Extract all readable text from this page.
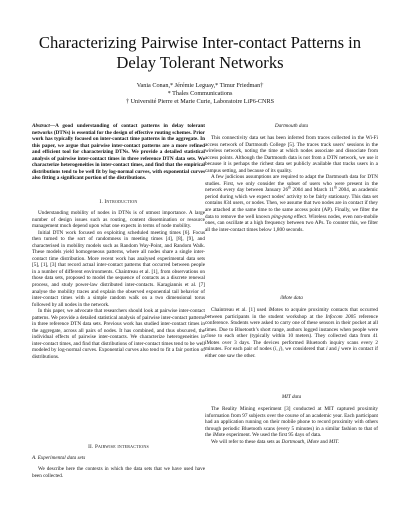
Characterizing Pairwise Inter-contact Patterns in Delay Tolerant Networks
Vania Conan,* Jérémie Leguay,* Timur Friedman†
* Thales Communications
† Université Pierre et Marie Curie, Laboratoire LiP6-CNRS

Abstract—A good understanding of contact patterns in delay tolerant networks (DTNs) is essential for the design of effective routing schemes. Prior work has typically focused on inter-contact time patterns in the aggregate. In this paper, we argue that pairwise inter-contact patterns are a more refined and efficient tool for characterizing DTNs. We provide a detailed statistical analysis of pairwise inter-contact times in three reference DTN data sets. We characterize heterogeneities in inter-contact times, and find that the empirical distributions tend to be well fit by log-normal curves, with exponential curves also fitting a significant portion of the distributions.

I. Introduction

Understanding mobility of nodes in DTNs is of utmost importance. A large number of design issues such as routing, content dissemination or resource management much depend upon what one expects in terms of node mobility.

Initial DTN work focused on exploiting scheduled meeting times [6]. Focus then turned to the sort of randomness in meeting times [4], [8], [9], and characterised in mobility models such as Random Way-Point, and Random Walk. These models yield homogeneous patterns, where all nodes share a single inter-contact time distribution. More recent work has analysed experimental data sets [5], [1], [3] that record actual inter-contact patterns that occurred between people in a number of different environments. Chaintreau et al. [1], from observations on those data sets, proposed to model the sequence of contacts as a discrete renewal process, and study power-law distributed inter-contacts. Karagiannis et al. [7] analyse the mobility traces and explain the observed exponential tail behavior of inter-contact times with a simple random walk on a two dimensional torus followed by all nodes in the network.

In this paper, we advocate that researchers should look at pairwise inter-contact patterns. We provide a detailed statistical analysis of pairwise inter-contact patterns in three reference DTN data sets. Previous work has studied inter-contact times in the aggregate, across all pairs of nodes. It has combined, and thus obscured, the individual effects of pairwise inter-contacts. We characterize heterogeneities in inter-contact times, and find that distributions of inter-contact times tend to be well modeled by log-normal curves. Exponential curves also tend to fit a fair portion of distributions.

II. Pairwise interactions
A. Experimental data sets

We describe here the contexts in which the data sets that we have used have been collected.

Dartmouth data

This connectivity data set has been inferred from traces collected in the Wi-Fi access network of Dartmouth College [5]. The traces track users’ sessions in the wireless network, noting the time at which nodes associate and dissociate from access points. Although the Dartmouth data is not from a DTN network, we use it because it is perhaps the richest data set publicly available that tracks users in a campus setting, and because of its quality.

A few judicious assumptions are required to adapt the Dartmouth data for DTN studies. First, we only consider the subset of users who were present in the network every day between January 26th 2004 and March 11th 2004, an academic period during which we expect nodes’ activity to be fairly stationary. This data set contains 834 users, or nodes. Then, we assume that two nodes are in contact if they are attached at the same time to the same access point (AP). Finally, we filter the data to remove the well known ping-pong effect. Wireless nodes, even non-mobile ones, can oscillate at a high frequency between two APs. To counter this, we filter all the inter-contact times below 1,800 seconds.

iMote data

Chaintreau et al. [1] used iMotes to acquire proximity contacts that occurred between participants in the student workshop at the Infocom 2005 reference conference. Students were asked to carry one of these sensors in their pocket at all times. Due to Bluetooth’s short range, authors logged instances when people were close to each other (typically within 10 meters). They collected data from 41 iMotes over 3 days. The devices performed Bluetooth inquiry scans every 2 minutes. For each pair of nodes (i, j), we considered that i and j were in contact if either one saw the other.

MIT data

The Reality Mining experiment [3] conducted at MIT captured proximity information from 97 subjects over the course of an academic year. Each participant had an application running on their mobile phone to record proximity with others through periodic Bluetooth scans (every 5 minutes) in a similar fashion to that of the iMote experiment. We used the first 95 days of data.

We will refer to these data sets as Dartmouth, iMote and MIT.
